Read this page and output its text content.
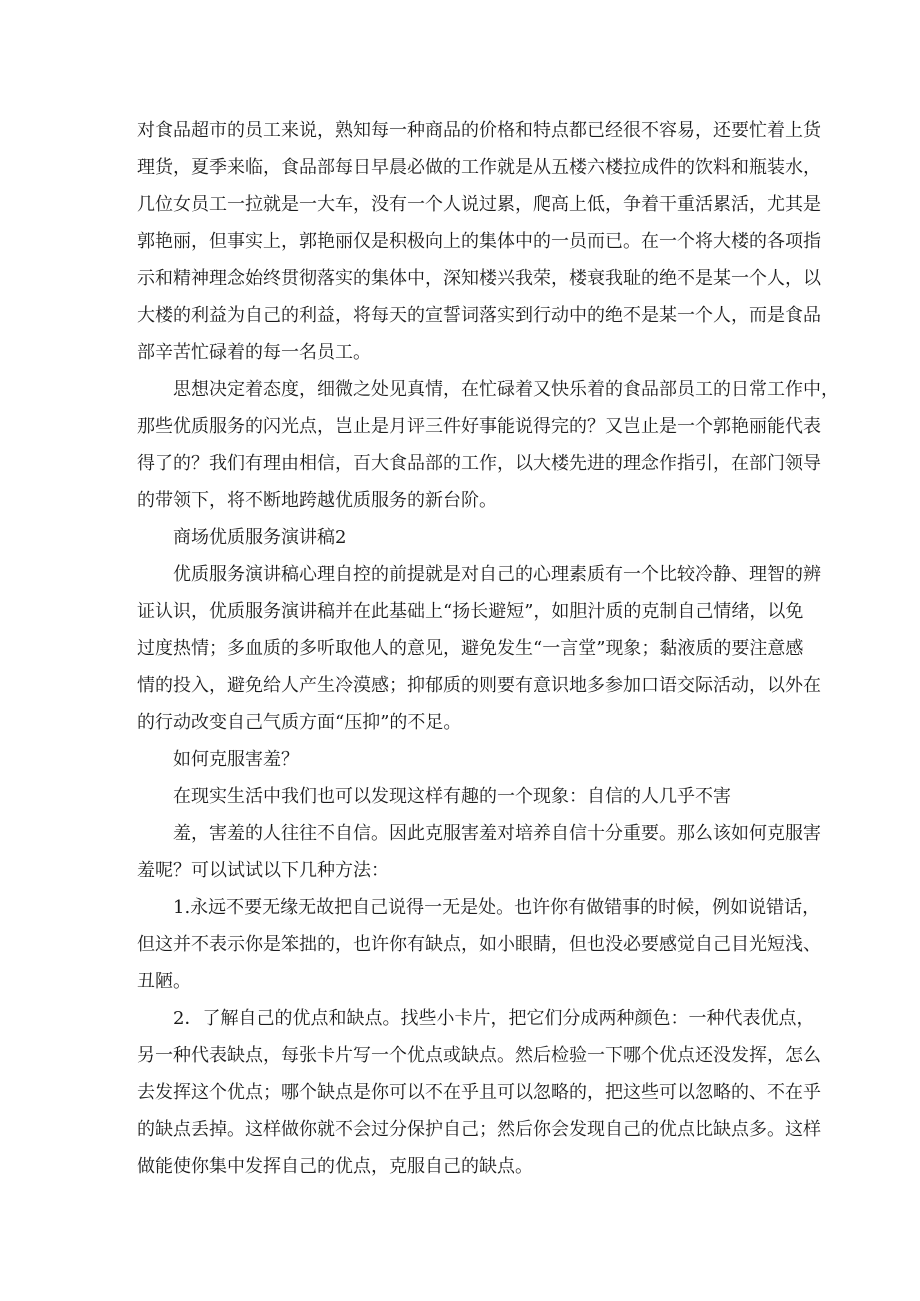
对食品超市的员工来说，熟知每一种商品的价格和特点都已经很不容易，还要忙着上货
理货，夏季来临，食品部每日早晨必做的工作就是从五楼六楼拉成件的饮料和瓶装水，
几位女员工一拉就是一大车，没有一个人说过累，爬高上低，争着干重活累活，尤其是
郭艳丽，但事实上，郭艳丽仅是积极向上的集体中的一员而已。在一个将大楼的各项指
示和精神理念始终贯彻落实的集体中，深知楼兴我荣，楼衰我耻的绝不是某一个人，以
大楼的利益为自己的利益，将每天的宣誓词落实到行动中的绝不是某一个人，而是食品
部辛苦忙碌着的每一名员工。
思想决定着态度，细微之处见真情，在忙碌着又快乐着的食品部员工的日常工作中，
那些优质服务的闪光点，岂止是月评三件好事能说得完的？又岂止是一个郭艳丽能代表
得了的？我们有理由相信，百大食品部的工作，以大楼先进的理念作指引，在部门领导
的带领下，将不断地跨越优质服务的新台阶。
商场优质服务演讲稿2
优质服务演讲稿心理自控的前提就是对自己的心理素质有一个比较冷静、理智的辨
证认识，优质服务演讲稿并在此基础上“扬长避短”，如胆汁质的克制自己情绪，以免
过度热情；多血质的多听取他人的意见，避免发生“一言堂”现象；黏液质的要注意感
情的投入，避免给人产生冷漠感；抑郁质的则要有意识地多参加口语交际活动，以外在
的行动改变自己气质方面“压抑”的不足。
如何克服害羞？
在现实生活中我们也可以发现这样有趣的一个现象：自信的人几乎不害
羞，害羞的人往往不自信。因此克服害羞对培养自信十分重要。那么该如何克服害
羞呢？可以试试以下几种方法：
1.永远不要无缘无故把自己说得一无是处。也许你有做错事的时候，例如说错话，
但这并不表示你是笨拙的，也许你有缺点，如小眼睛，但也没必要感觉自己目光短浅、
丑陋。
2．了解自己的优点和缺点。找些小卡片，把它们分成两种颜色：一种代表优点，
另一种代表缺点，每张卡片写一个优点或缺点。然后检验一下哪个优点还没发挥，怎么
去发挥这个优点；哪个缺点是你可以不在乎且可以忽略的，把这些可以忽略的、不在乎
的缺点丢掉。这样做你就不会过分保护自己；然后你会发现自己的优点比缺点多。这样
做能使你集中发挥自己的优点，克服自己的缺点。
